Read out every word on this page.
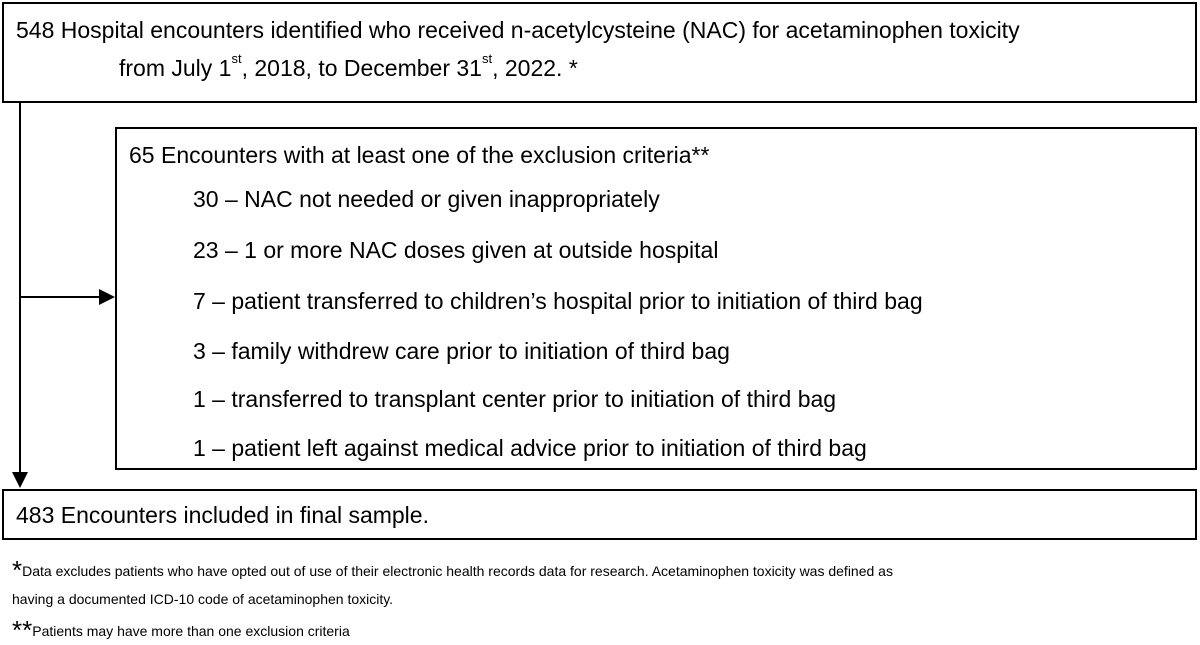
548 Hospital encounters identified who received n-acetylcysteine (NAC) for acetaminophen toxicity
from July 1st, 2018, to December 31st, 2022. *
65 Encounters with at least one of the exclusion criteria**
30 – NAC not needed or given inappropriately
23 – 1 or more NAC doses given at outside hospital
7 – patient transferred to children’s hospital prior to initiation of third bag
3 – family withdrew care prior to initiation of third bag
1 – transferred to transplant center prior to initiation of third bag
1 – patient left against medical advice prior to initiation of third bag
483 Encounters included in final sample.
*Data excludes patients who have opted out of use of their electronic health records data for research. Acetaminophen toxicity was defined as
having a documented ICD-10 code of acetaminophen toxicity.
**Patients may have more than one exclusion criteria
